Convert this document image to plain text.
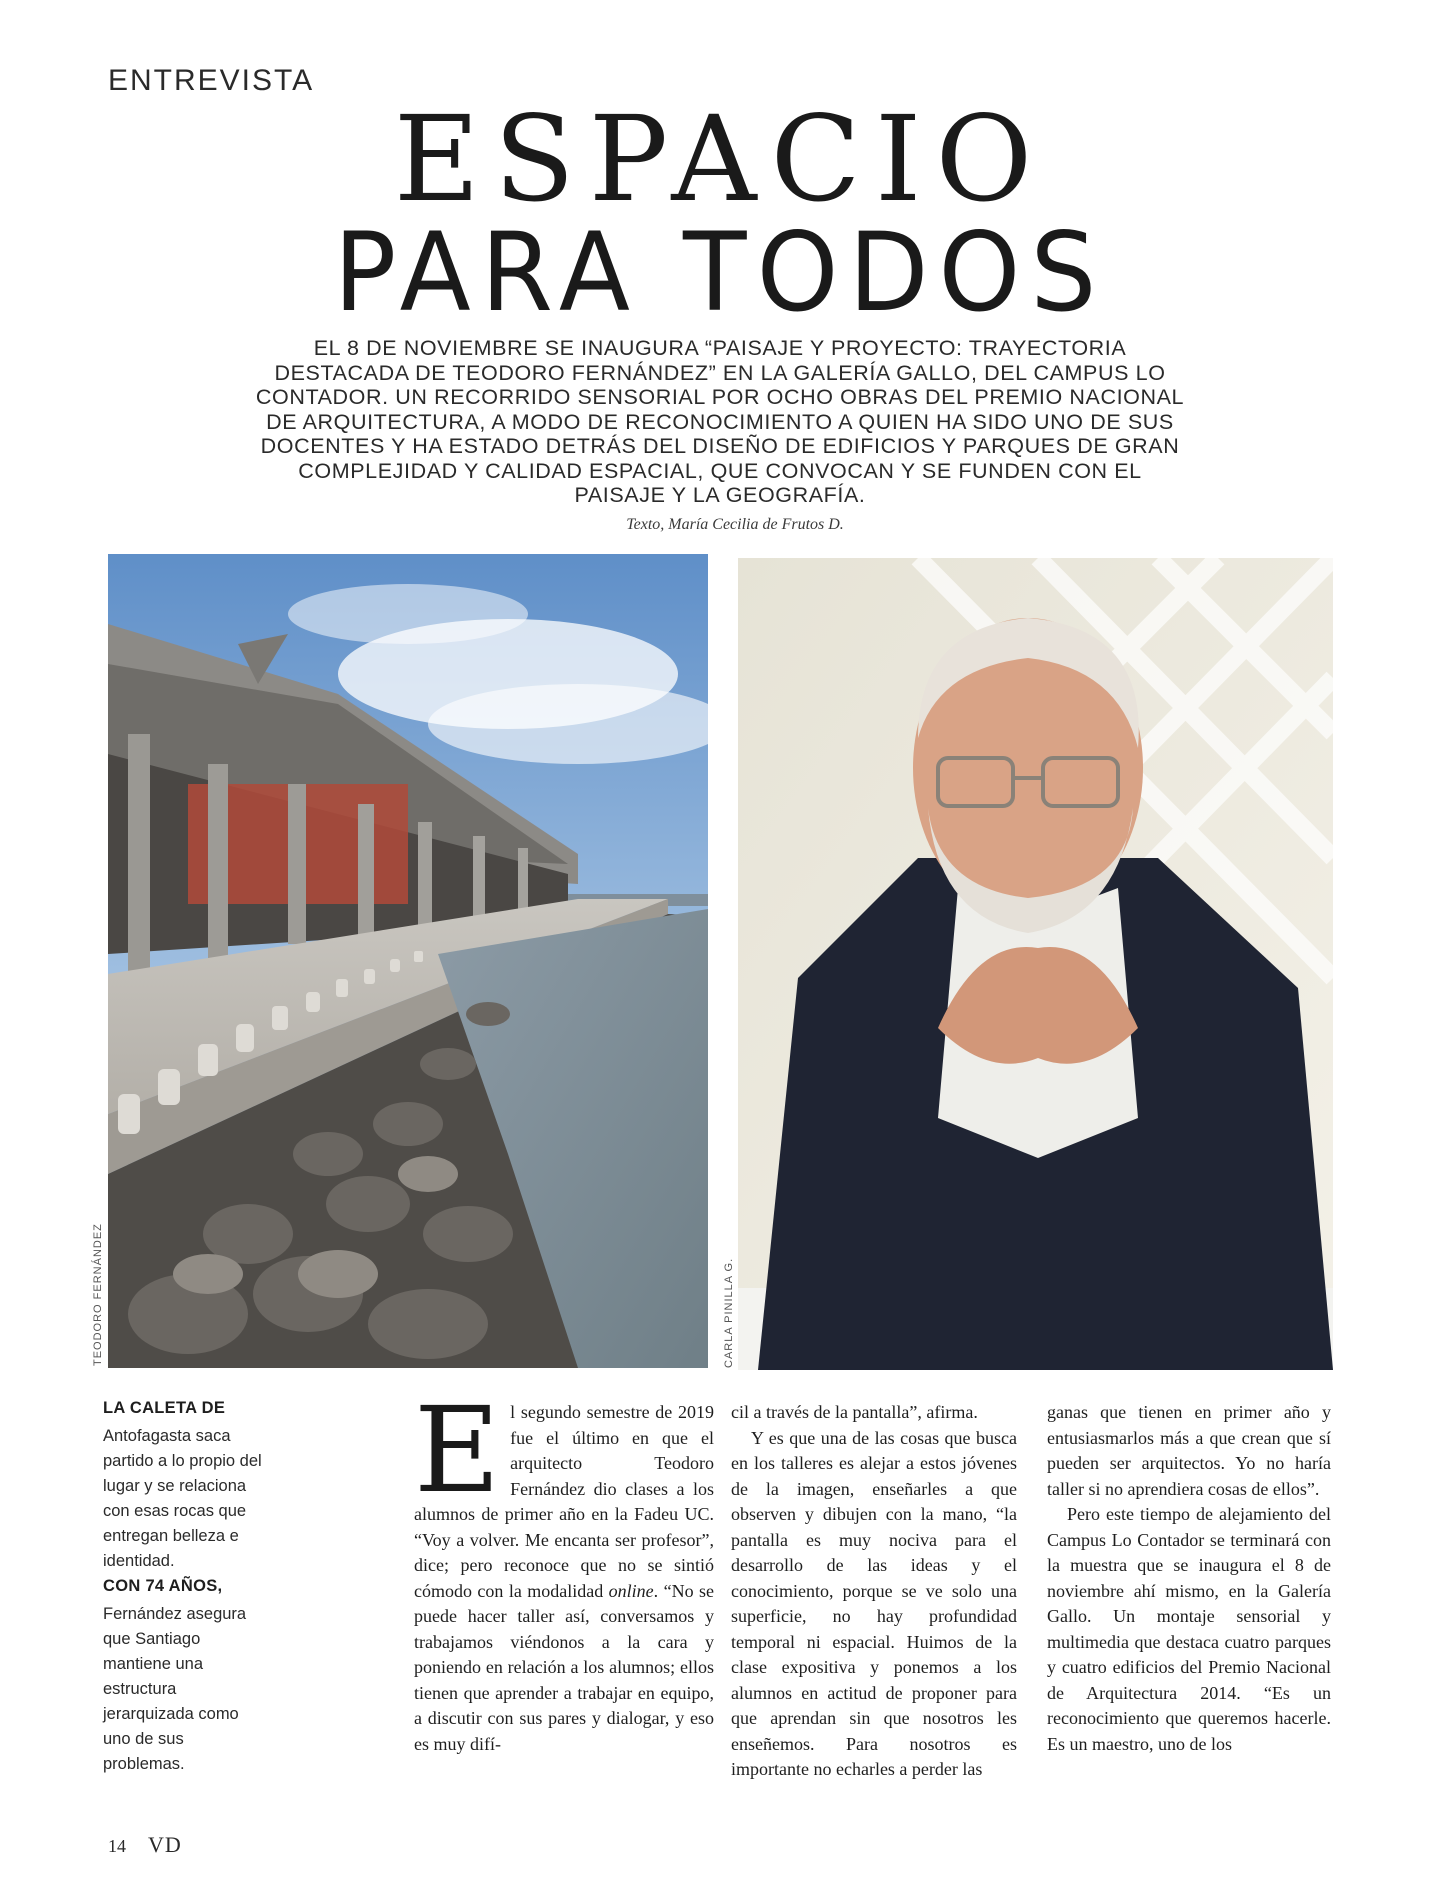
ENTREVISTA
ESPACIO
PARA TODOS
EL 8 DE NOVIEMBRE SE INAUGURA “PAISAJE Y PROYECTO: TRAYECTORIA DESTACADA DE TEODORO FERNÁNDEZ” EN LA GALERÍA GALLO, DEL CAMPUS LO CONTADOR. UN RECORRIDO SENSORIAL POR OCHO OBRAS DEL PREMIO NACIONAL DE ARQUITECTURA, A MODO DE RECONOCIMIENTO A QUIEN HA SIDO UNO DE SUS DOCENTES Y HA ESTADO DETRÁS DEL DISEÑO DE EDIFICIOS Y PARQUES DE GRAN COMPLEJIDAD Y CALIDAD ESPACIAL, QUE CONVOCAN Y SE FUNDEN CON EL PAISAJE Y LA GEOGRAFÍA.
Texto, María Cecilia de Frutos D.
TEODORO FERNÁNDEZ	CARLA PINILLA G.
LA CALETA DE
Antofagasta saca partido a lo propio del lugar y se relaciona con esas rocas que entregan belleza e identidad.
CON 74 AÑOS,
Fernández asegura que Santiago mantiene una estructura jerarquizada como uno de sus problemas.
E l segundo semestre de 2019 fue el último en que el arquitecto Teodoro Fernández dio clases a los alumnos de primer año en la Fadeu UC. “Voy a volver. Me encanta ser profesor”, dice; pero reconoce que no se sintió cómodo con la modalidad online. “No se puede hacer taller así, conversamos y trabajamos viéndonos a la cara y poniendo en relación a los alumnos; ellos tienen que aprender a trabajar en equipo, a discutir con sus pares y dialogar, y eso es muy difí-

cil a través de la pantalla”, afirma.

Y es que una de las cosas que busca en los talleres es alejar a estos jóvenes de la imagen, enseñarles a que observen y dibujen con la mano, “la pantalla es muy nociva para el desarrollo de las ideas y el conocimiento, porque se ve solo una superficie, no hay profundidad temporal ni espacial. Huimos de la clase expositiva y ponemos a los alumnos en actitud de proponer para que aprendan sin que nosotros les enseñemos. Para nosotros es importante no echarles a perder las

ganas que tienen en primer año y entusiasmarlos más a que crean que sí pueden ser arquitectos. Yo no haría taller si no aprendiera cosas de ellos”.

Pero este tiempo de alejamiento del Campus Lo Contador se terminará con la muestra que se inaugura el 8 de noviembre ahí mismo, en la Galería Gallo. Un montaje sensorial y multimedia que destaca cuatro parques y cuatro edificios del Premio Nacional de Arquitectura 2014. “Es un reconocimiento que queremos hacerle. Es un maestro, uno de los

14 VD
